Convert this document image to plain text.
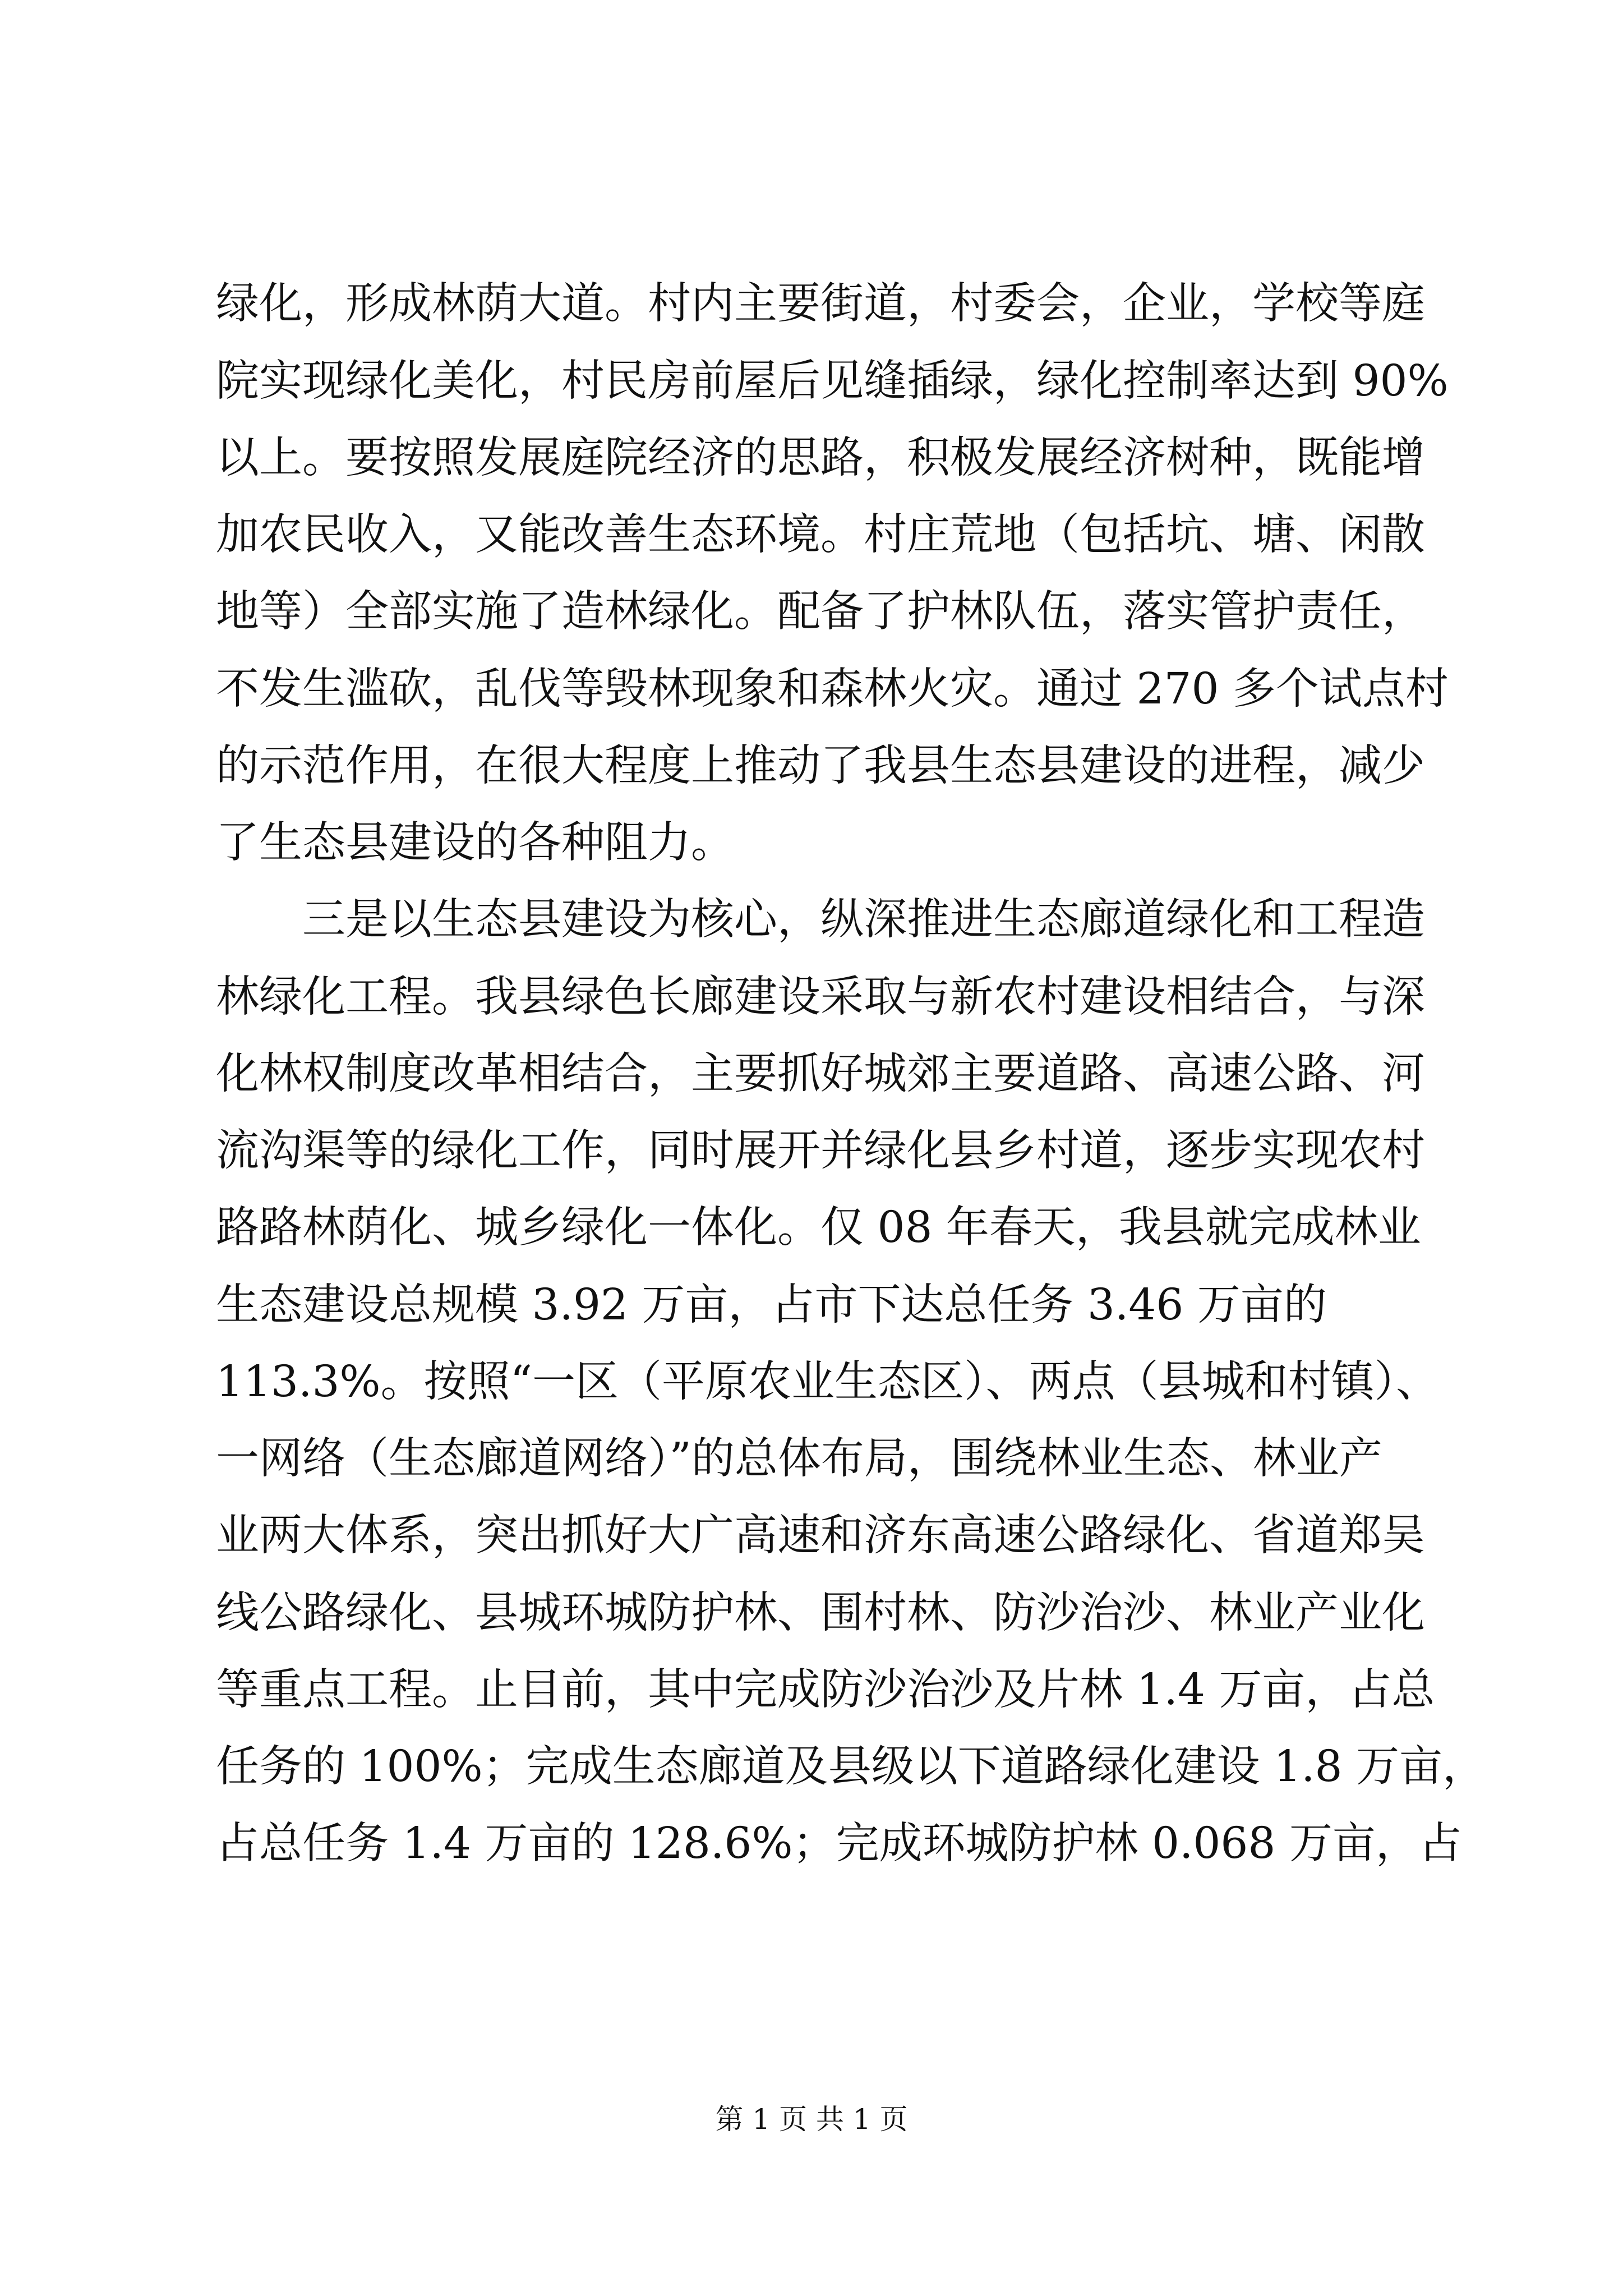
绿化，形成林荫大道。村内主要街道，村委会，企业，学校等庭
院实现绿化美化，村民房前屋后见缝插绿，绿化控制率达到 90%
以上。要按照发展庭院经济的思路，积极发展经济树种，既能增
加农民收入，又能改善生态环境。村庄荒地（包括坑、塘、闲散
地等）全部实施了造林绿化。配备了护林队伍，落实管护责任，
不发生滥砍，乱伐等毁林现象和森林火灾。通过 270 多个试点村
的示范作用，在很大程度上推动了我县生态县建设的进程，减少
了生态县建设的各种阻力。
　　三是以生态县建设为核心，纵深推进生态廊道绿化和工程造
林绿化工程。我县绿色长廊建设采取与新农村建设相结合，与深
化林权制度改革相结合，主要抓好城郊主要道路、高速公路、河
流沟渠等的绿化工作，同时展开并绿化县乡村道，逐步实现农村
路路林荫化、城乡绿化一体化。仅 08 年春天，我县就完成林业
生态建设总规模 3.92 万亩，占市下达总任务 3.46 万亩的
113.3%。按照“一区（平原农业生态区）、两点（县城和村镇）、
一网络（生态廊道网络）”的总体布局，围绕林业生态、林业产
业两大体系，突出抓好大广高速和济东高速公路绿化、省道郑吴
线公路绿化、县城环城防护林、围村林、防沙治沙、林业产业化
等重点工程。止目前，其中完成防沙治沙及片林 1.4 万亩，占总
任务的 100%；完成生态廊道及县级以下道路绿化建设 1.8 万亩，
占总任务 1.4 万亩的 128.6%；完成环城防护林 0.068 万亩，占
第 1 页 共 1 页
